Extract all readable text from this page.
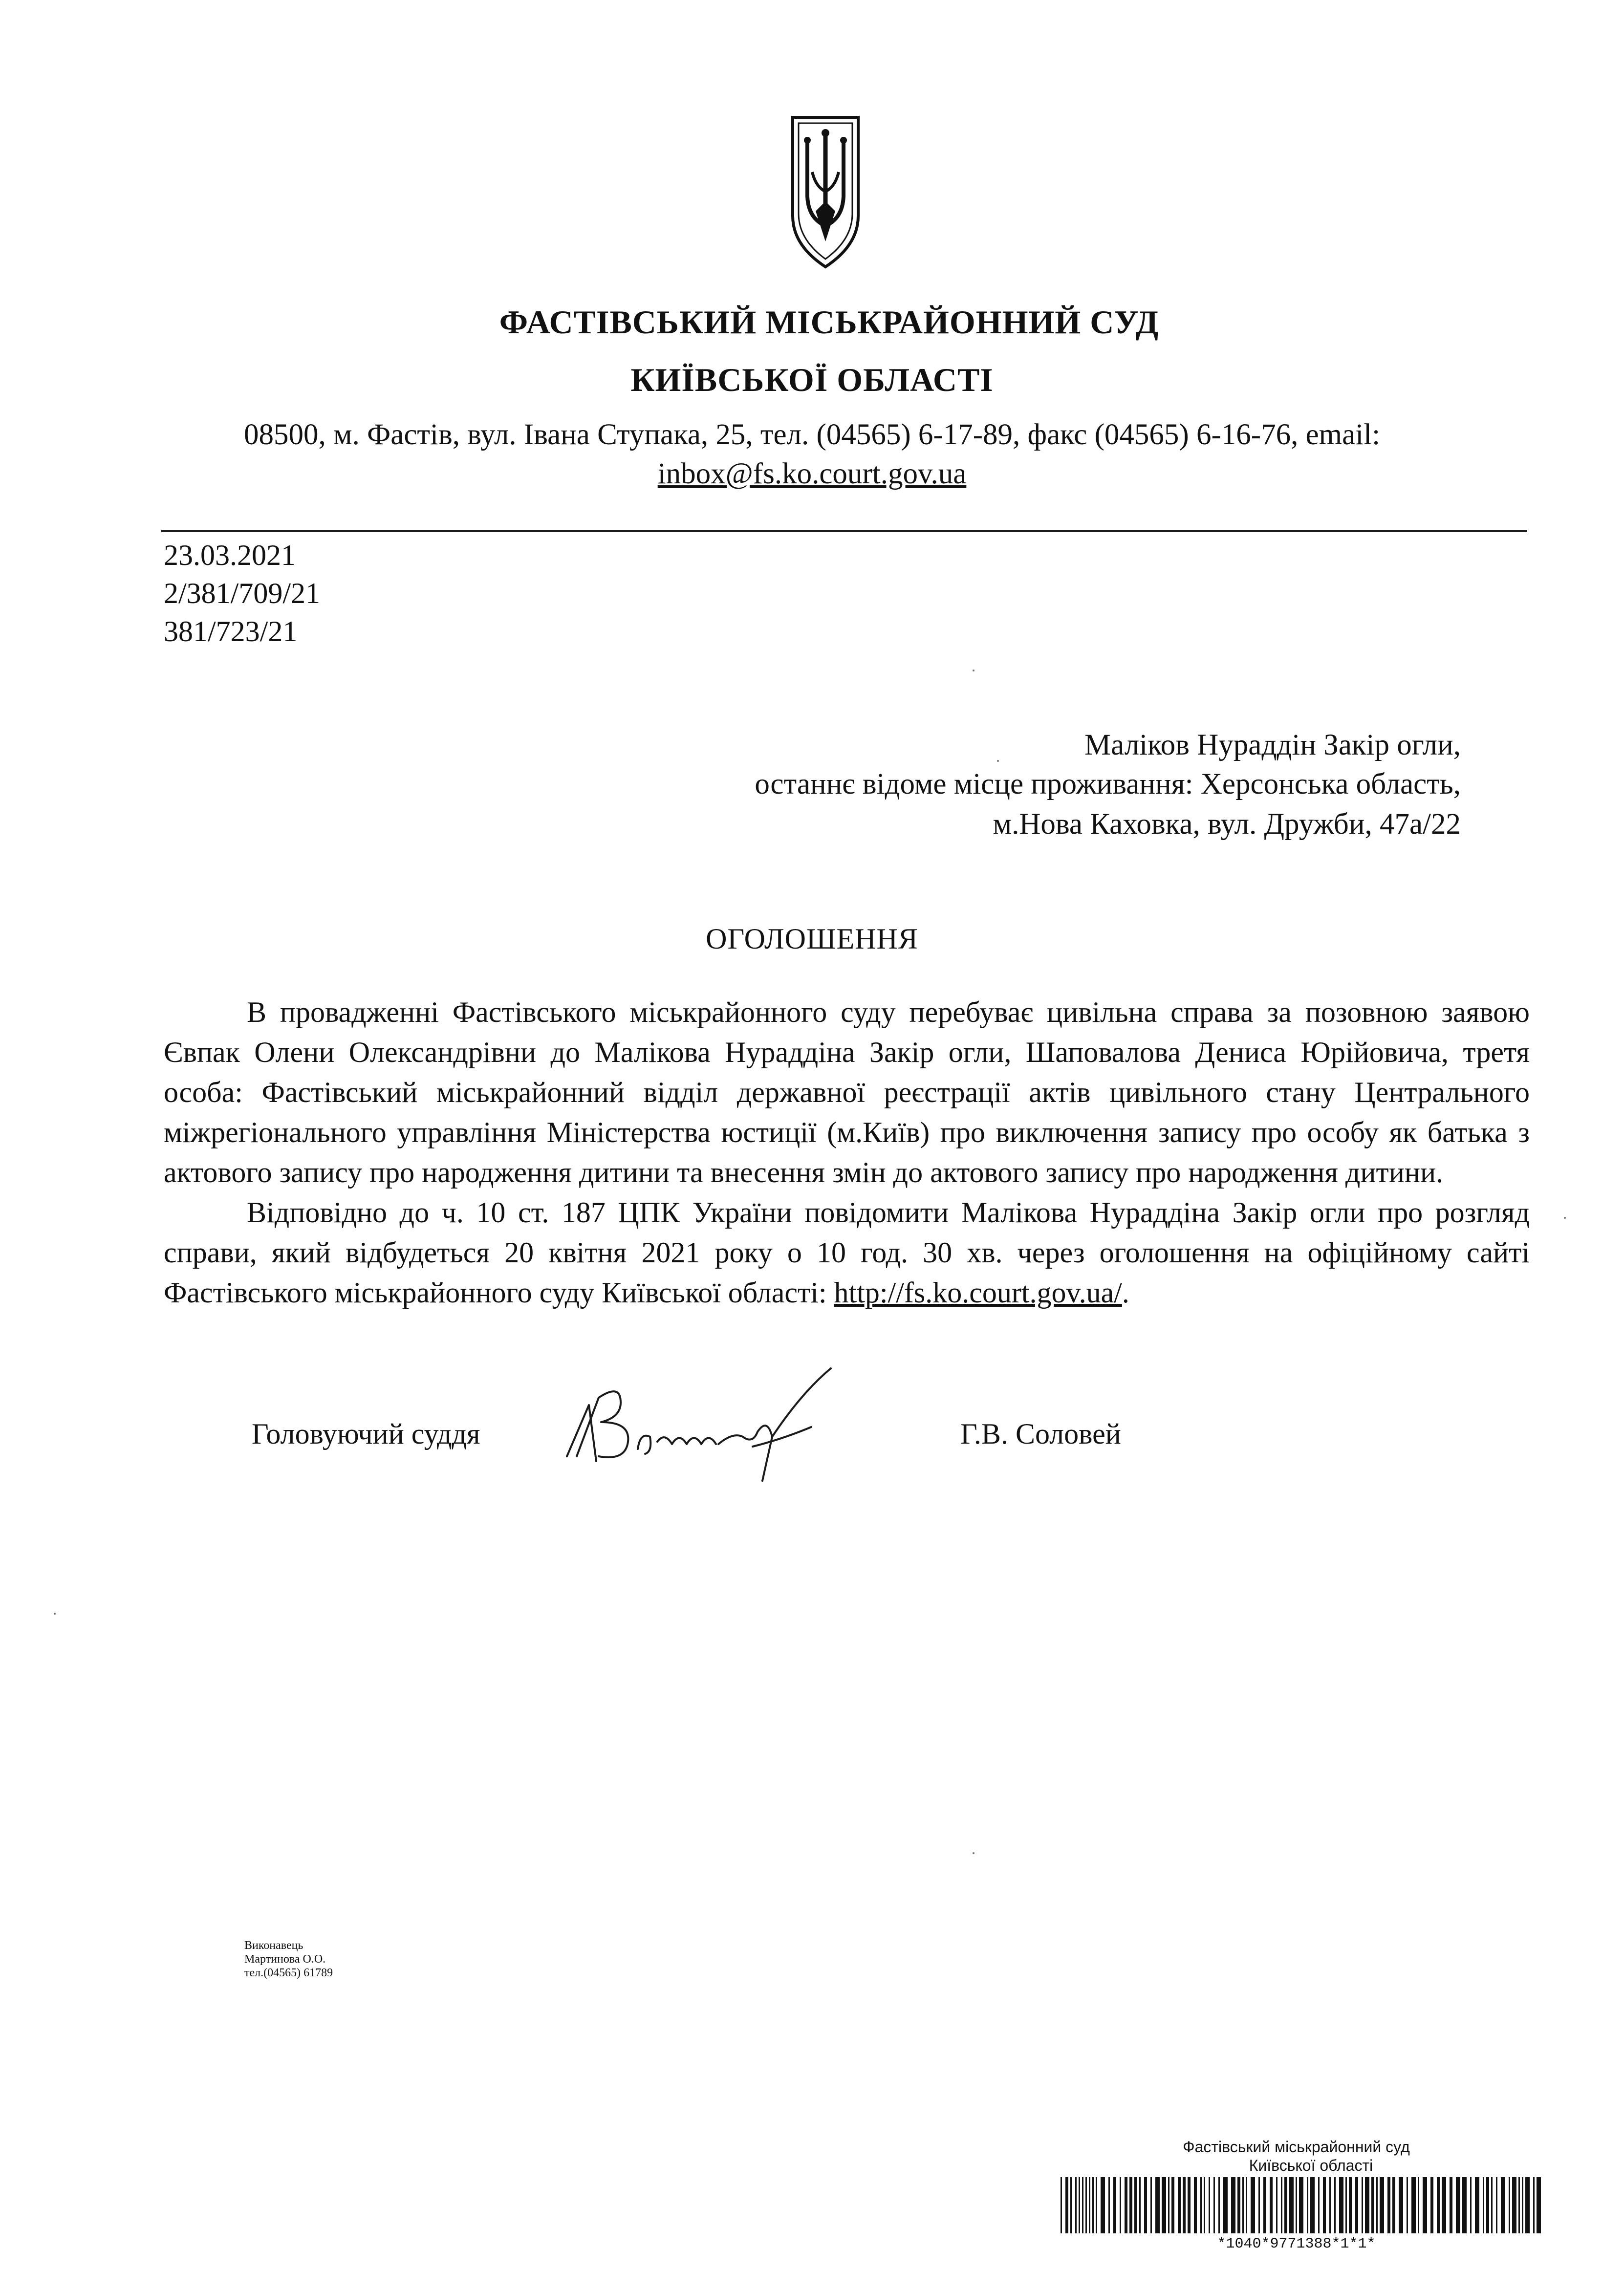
ФАСТІВСЬКИЙ МІСЬКРАЙОННИЙ СУД
КИЇВСЬКОЇ ОБЛАСТІ
08500, м. Фастів, вул. Івана Ступака, 25, тел. (04565) 6-17-89, факс (04565) 6-16-76, email:
inbox@fs.ko.court.gov.ua
23.03.2021
2/381/709/21
381/723/21
Маліков Нураддін Закір огли,
останнє відоме місце проживання: Херсонська область,
м.Нова Каховка, вул. Дружби, 47а/22
ОГОЛОШЕННЯ

В провадженні Фастівського міськрайонного суду перебуває цивільна справа за позовною заявою Євпак Олени Олександрівни до Малікова Нураддіна Закір огли, Шаповалова Дениса Юрійовича, третя особа: Фастівський міськрайонний відділ державної реєстрації актів цивільного стану Центрального міжрегіонального управління Міністерства юстиції (м.Київ) про виключення запису про особу як батька з актового запису про народження дитини та внесення змін до актового запису про народження дитини.

Відповідно до ч. 10 ст. 187 ЦПК України повідомити Малікова Нураддіна Закір огли про розгляд справи, який відбудеться 20 квітня 2021 року о 10 год. 30 хв. через оголошення на офіційному сайті Фастівського міськрайонного суду Київської області: http://fs.ko.court.gov.ua/.

Головуючий суддя	Г.В. Соловей
Виконавець
Мартинова О.О.
тел.(04565) 61789
Фастівський міськрайонний суд
Київської області
*1040*9771388*1*1*
